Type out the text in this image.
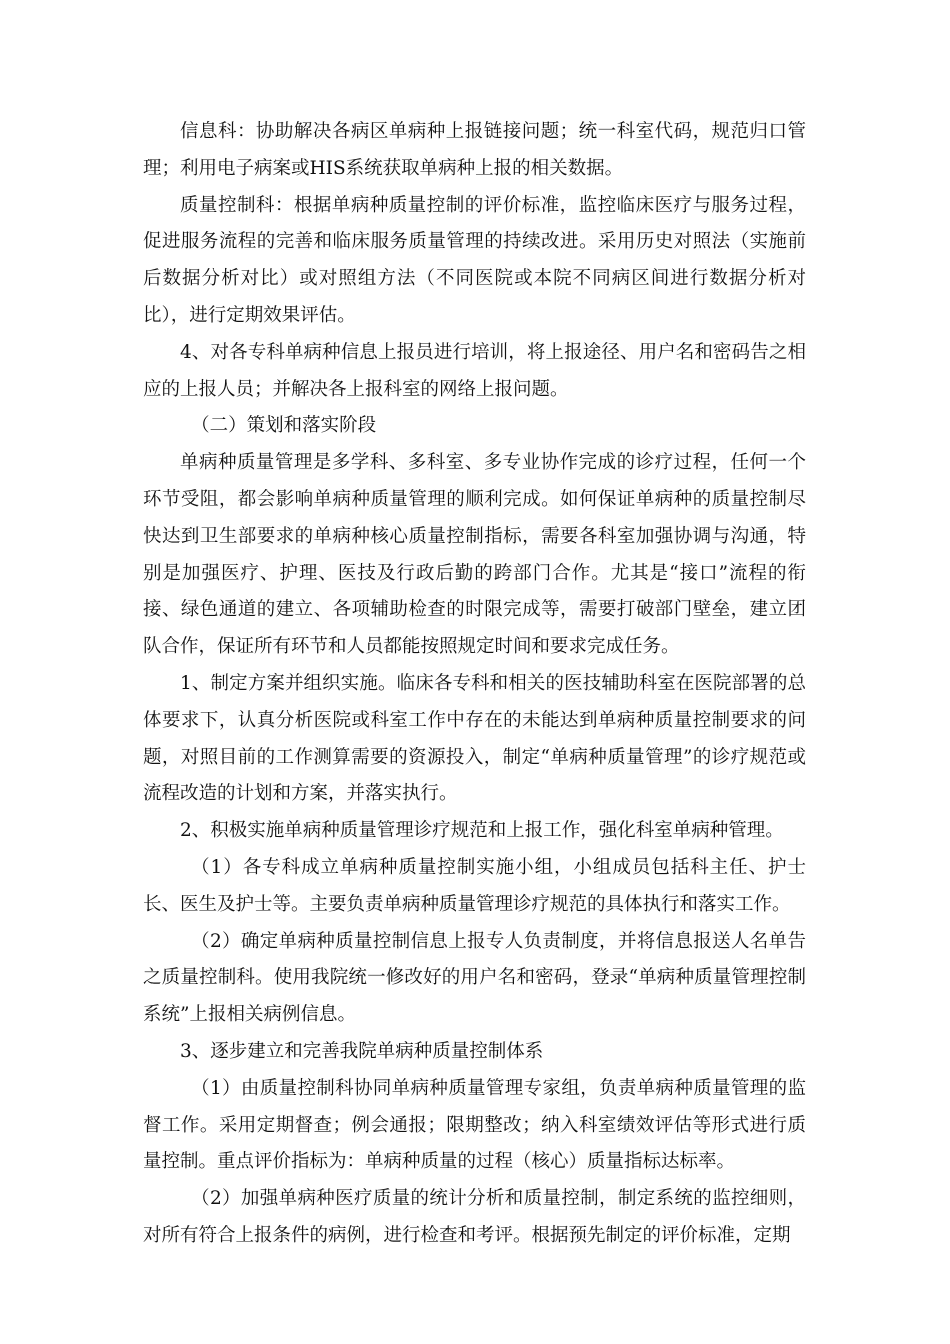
信息科：协助解决各病区单病种上报链接问题；统一科室代码，规范归口管理；利用电子病案或HIS系统获取单病种上报的相关数据。

质量控制科：根据单病种质量控制的评价标准，监控临床医疗与服务过程，促进服务流程的完善和临床服务质量管理的持续改进。采用历史对照法（实施前后数据分析对比）或对照组方法（不同医院或本院不同病区间进行数据分析对比），进行定期效果评估。

4、对各专科单病种信息上报员进行培训，将上报途径、用户名和密码告之相应的上报人员；并解决各上报科室的网络上报问题。

（二）策划和落实阶段

单病种质量管理是多学科、多科室、多专业协作完成的诊疗过程，任何一个环节受阻，都会影响单病种质量管理的顺利完成。如何保证单病种的质量控制尽快达到卫生部要求的单病种核心质量控制指标，需要各科室加强协调与沟通，特别是加强医疗、护理、医技及行政后勤的跨部门合作。尤其是“接口”流程的衔接、绿色通道的建立、各项辅助检查的时限完成等，需要打破部门壁垒，建立团队合作，保证所有环节和人员都能按照规定时间和要求完成任务。

1、制定方案并组织实施。临床各专科和相关的医技辅助科室在医院部署的总体要求下，认真分析医院或科室工作中存在的未能达到单病种质量控制要求的问题，对照目前的工作测算需要的资源投入，制定“单病种质量管理”的诊疗规范或流程改造的计划和方案，并落实执行。

2、积极实施单病种质量管理诊疗规范和上报工作，强化科室单病种管理。

（1）各专科成立单病种质量控制实施小组，小组成员包括科主任、护士长、医生及护士等。主要负责单病种质量管理诊疗规范的具体执行和落实工作。

（2）确定单病种质量控制信息上报专人负责制度，并将信息报送人名单告之质量控制科。使用我院统一修改好的用户名和密码，登录“单病种质量管理控制系统”上报相关病例信息。

3、逐步建立和完善我院单病种质量控制体系

（1）由质量控制科协同单病种质量管理专家组，负责单病种质量管理的监督工作。采用定期督查；例会通报；限期整改；纳入科室绩效评估等形式进行质量控制。重点评价指标为：单病种质量的过程（核心）质量指标达标率。

（2）加强单病种医疗质量的统计分析和质量控制，制定系统的监控细则，对所有符合上报条件的病例，进行检查和考评。根据预先制定的评价标准，定期
